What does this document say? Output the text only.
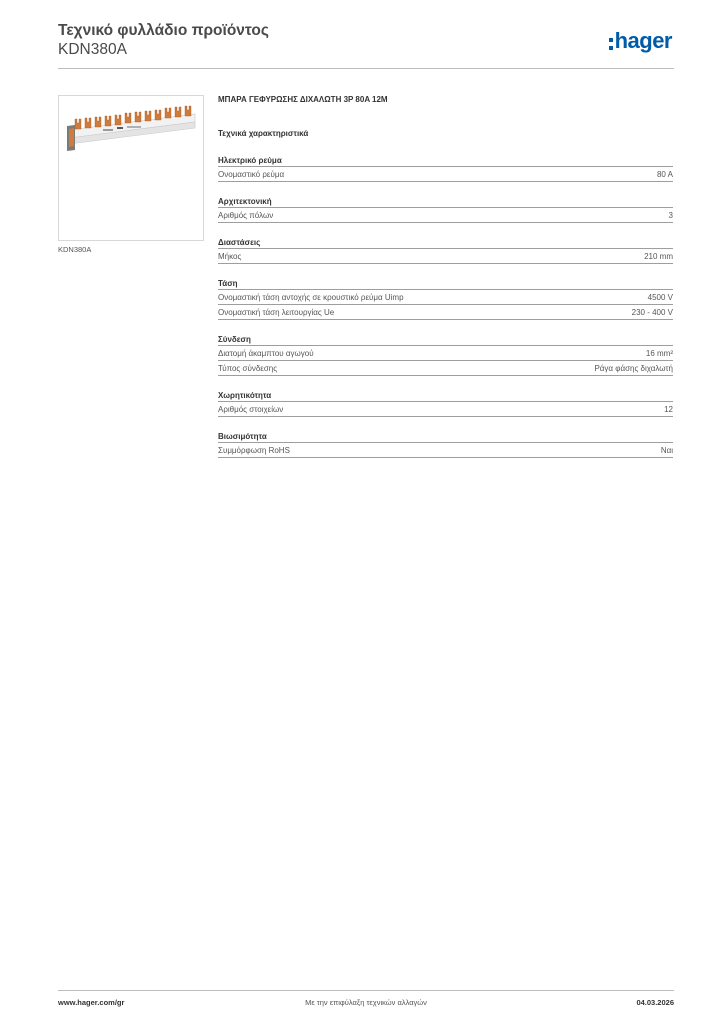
Τεχνικό φυλλάδιο προϊόντος
KDN380A	hager
KDN380A
ΜΠΑΡΑ ΓΕΦΥΡΩΣΗΣ ΔΙΧΑΛΩΤΗ 3P 80A 12M
Τεχνικά χαρακτηριστικά
Ηλεκτρικό ρεύμα
Ονομαστικό ρεύμα	80 A
Αρχιτεκτονική
Αριθμός πόλων	3
Διαστάσεις
Μήκος	210 mm
Τάση
Ονομαστική τάση αντοχής σε κρουστικό ρεύμα Uimp	4500 V
Ονομαστική τάση λειτουργίας Ue	230 - 400 V
Σύνδεση
Διατομή άκαμπτου αγωγού	16 mm²
Τύπος σύνδεσης	Ράγα φάσης διχαλωτή
Χωρητικότητα
Αριθμός στοιχείων	12
Βιωσιμότητα
Συμμόρφωση RoHS	Ναι
www.hager.com/gr	Με την επιφύλαξη τεχνικών αλλαγών	04.03.2026
